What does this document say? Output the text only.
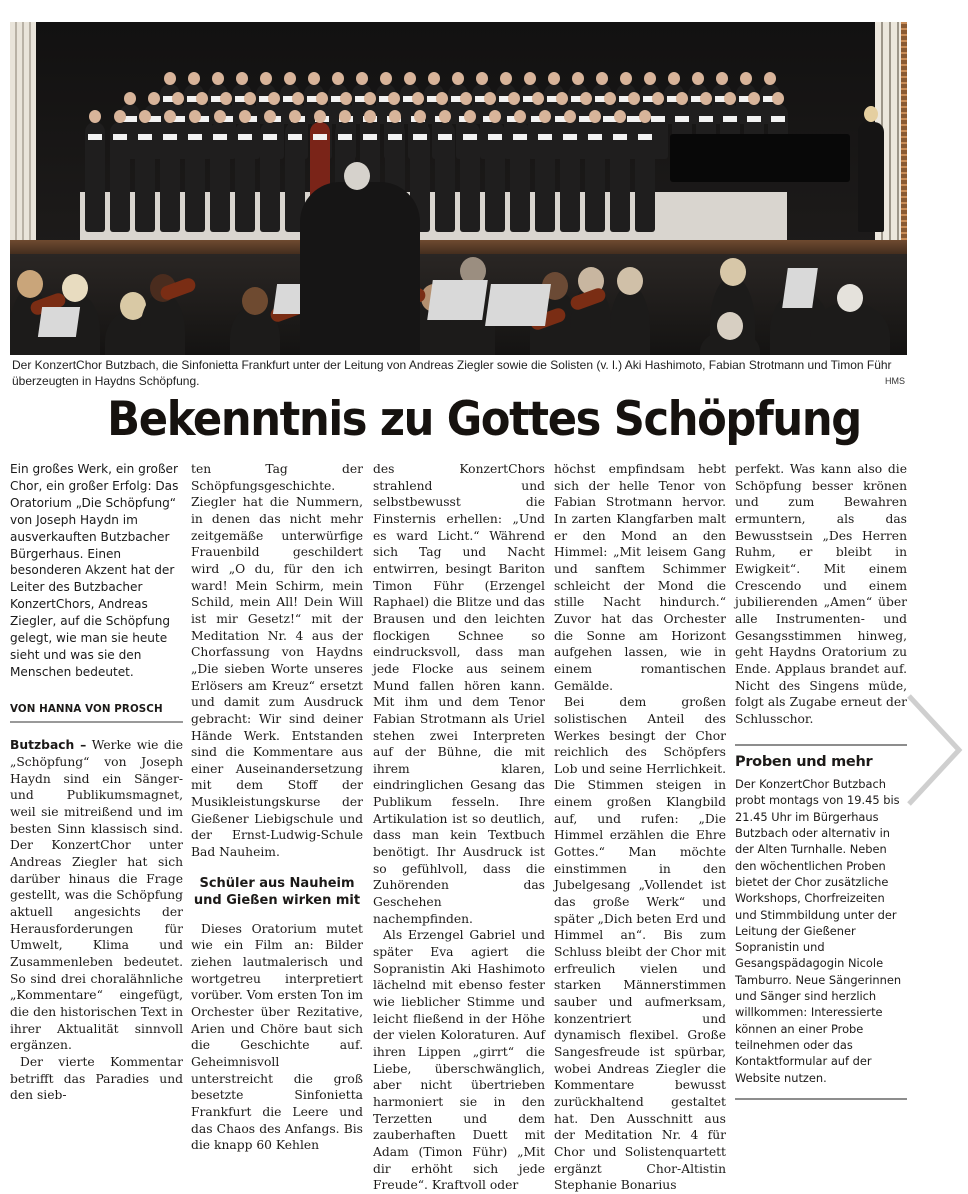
Der KonzertChor Butzbach, die Sinfonietta Frankfurt unter der Leitung von Andreas Ziegler sowie die Solisten (v. l.) Aki Hashimoto, Fabian Strotmann und Timon Führ überzeugten in Haydns Schöpfung.	HMS
Bekenntnis zu Gottes Schöpfung
Ein großes Werk, ein großer Chor, ein großer Erfolg: Das Oratorium „Die Schöpfung“ von Joseph Haydn im ausverkauften Butzbacher Bürgerhaus. Einen besonderen Akzent hat der Leiter des Butzbacher KonzertChors, Andreas Ziegler, auf die Schöpfung gelegt, wie man sie heute sieht und was sie den Menschen bedeutet.
VON HANNA VON PROSCH

Butzbach – Werke wie die „Schöpfung“ von Joseph Haydn sind ein Sänger- und Publikumsmagnet, weil sie mitreißend und im besten Sinn klassisch sind. Der KonzertChor unter Andreas Ziegler hat sich darüber hinaus die Frage gestellt, was die Schöpfung aktuell angesichts der Herausforderungen für Umwelt, Klima und Zusammenleben bedeutet. So sind drei choralähnliche „Kommentare“ eingefügt, die den historischen Text in ihrer Aktualität sinnvoll ergänzen.

Der vierte Kommentar betrifft das Paradies und den sieb-

ten Tag der Schöpfungsgeschichte. Ziegler hat die Nummern, in denen das nicht mehr zeitgemäße unterwürfige Frauenbild geschildert wird „O du, für den ich ward! Mein Schirm, mein Schild, mein All! Dein Will ist mir Gesetz!“ mit der Meditation Nr. 4 aus der Chorfassung von Haydns „Die sieben Worte unseres Erlösers am Kreuz“ ersetzt und damit zum Ausdruck gebracht: Wir sind deiner Hände Werk. Entstanden sind die Kommentare aus einer Auseinandersetzung mit dem Stoff der Musikleistungskurse der Gießener Liebigschule und der Ernst-Ludwig-Schule Bad Nauheim.

Schüler aus Nauheim und Gießen wirken mit

Dieses Oratorium mutet wie ein Film an: Bilder ziehen lautmalerisch und wortgetreu interpretiert vorüber. Vom ersten Ton im Orchester über Rezitative, Arien und Chöre baut sich die Geschichte auf. Geheimnisvoll unterstreicht die groß besetzte Sinfonietta Frankfurt die Leere und das Chaos des Anfangs. Bis die knapp 60 Kehlen

des KonzertChors strahlend und selbstbewusst die Finsternis erhellen: „Und es ward Licht.“ Während sich Tag und Nacht entwirren, besingt Bariton Timon Führ (Erzengel Raphael) die Blitze und das Brausen und den leichten flockigen Schnee so eindrucksvoll, dass man jede Flocke aus seinem Mund fallen hören kann. Mit ihm und dem Tenor Fabian Strotmann als Uriel stehen zwei Interpreten auf der Bühne, die mit ihrem klaren, eindringlichen Gesang das Publikum fesseln. Ihre Artikulation ist so deutlich, dass man kein Textbuch benötigt. Ihr Ausdruck ist so gefühlvoll, dass die Zuhörenden das Geschehen nachempfinden.

Als Erzengel Gabriel und später Eva agiert die Sopranistin Aki Hashimoto lächelnd mit ebenso fester wie lieblicher Stimme und leicht fließend in der Höhe der vielen Koloraturen. Auf ihren Lippen „girrt“ die Liebe, überschwänglich, aber nicht übertrieben harmoniert sie in den Terzetten und dem zauberhaften Duett mit Adam (Timon Führ) „Mit dir erhöht sich jede Freude“. Kraftvoll oder

höchst empfindsam hebt sich der helle Tenor von Fabian Strotmann hervor. In zarten Klangfarben malt er den Mond an den Himmel: „Mit leisem Gang und sanftem Schimmer schleicht der Mond die stille Nacht hindurch.“ Zuvor hat das Orchester die Sonne am Horizont aufgehen lassen, wie in einem romantischen Gemälde.

Bei dem großen solistischen Anteil des Werkes besingt der Chor reichlich des Schöpfers Lob und seine Herrlichkeit. Die Stimmen steigen in einem großen Klangbild auf, und rufen: „Die Himmel erzählen die Ehre Gottes.“ Man möchte einstimmen in den Jubelgesang „Vollendet ist das große Werk“ und später „Dich beten Erd und Himmel an“. Bis zum Schluss bleibt der Chor mit erfreulich vielen und starken Männerstimmen sauber und aufmerksam, konzentriert und dynamisch flexibel. Große Sangesfreude ist spürbar, wobei Andreas Ziegler die Kommentare bewusst zurückhaltend gestaltet hat. Den Ausschnitt aus der Meditation Nr. 4 für Chor und Solistenquartett ergänzt Chor-Altistin Stephanie Bonarius

perfekt. Was kann also die Schöpfung besser krönen und zum Bewahren ermuntern, als das Bewusstsein „Des Herren Ruhm, er bleibt in Ewigkeit“. Mit einem Crescendo und einem jubilierenden „Amen“ über alle Instrumenten- und Gesangsstimmen hinweg, geht Haydns Oratorium zu Ende. Applaus brandet auf. Nicht des Singens müde, folgt als Zugabe erneut der Schlusschor.

Proben und mehr
Der KonzertChor Butzbach probt montags von 19.45 bis 21.45 Uhr im Bürgerhaus Butzbach oder alternativ in der Alten Turnhalle. Neben den wöchentlichen Proben bietet der Chor zusätzliche Workshops, Chorfreizeiten und Stimmbildung unter der Leitung der Gießener Sopranistin und Gesangspädagogin Nicole Tamburro. Neue Sängerinnen und Sänger sind herzlich willkommen: Interessierte können an einer Probe teilnehmen oder das Kontaktformular auf der Website nutzen.
